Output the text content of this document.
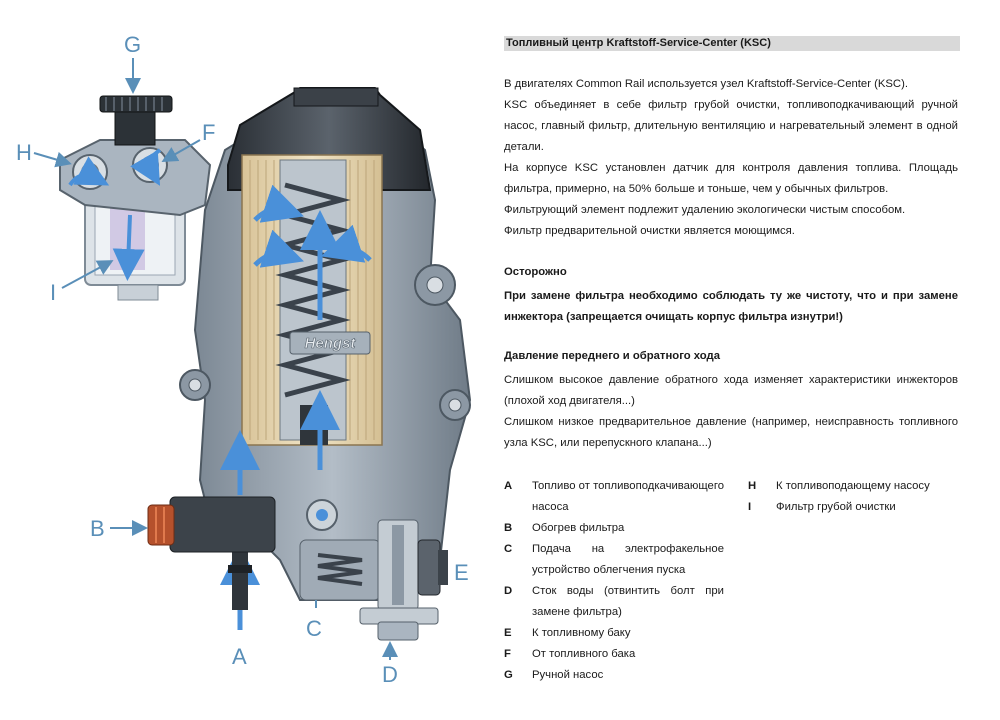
Hengst
G
F
H
I
B
A
C
D
E
Топливный центр Kraftstoff-Service-Center (KSC)
В двигателях Common Rail используется узел Kraftstoff-Service-Center (KSC).
KSC объединяет в себе фильтр грубой очистки, топливоподкачивающий ручной насос, главный фильтр, длительную вентиляцию и нагревательный элемент в одной детали.
На корпусе KSC установлен датчик для контроля давления топлива. Площадь фильтра, примерно, на 50% больше и тоньше, чем у обычных фильтров.
Фильтрующий элемент подлежит удалению экологически чистым способом.
Фильтр предварительной очистки является моющимся.
Осторожно
При замене фильтра необходимо соблюдать ту же чистоту, что и при замене инжектора (запрещается очищать корпус фильтра изнутри!)
Давление переднего и обратного хода
Слишком высокое давление обратного хода изменяет характеристики инжекторов (плохой ход двигателя...)
Слишком низкое предварительное давление (например, неисправность топливного узла KSC, или перепускного клапана...)
A	Топливо от топливоподкачивающего насоса
B	Обогрев фильтра
C	Подача на электрофакельное устройство облегчения пуска
D	Сток воды (отвинтить болт при замене фильтра)
E	К топливному баку
F	От топливного бака
G	Ручной насос
H	К топливоподающему насосу
I	Фильтр грубой очистки
